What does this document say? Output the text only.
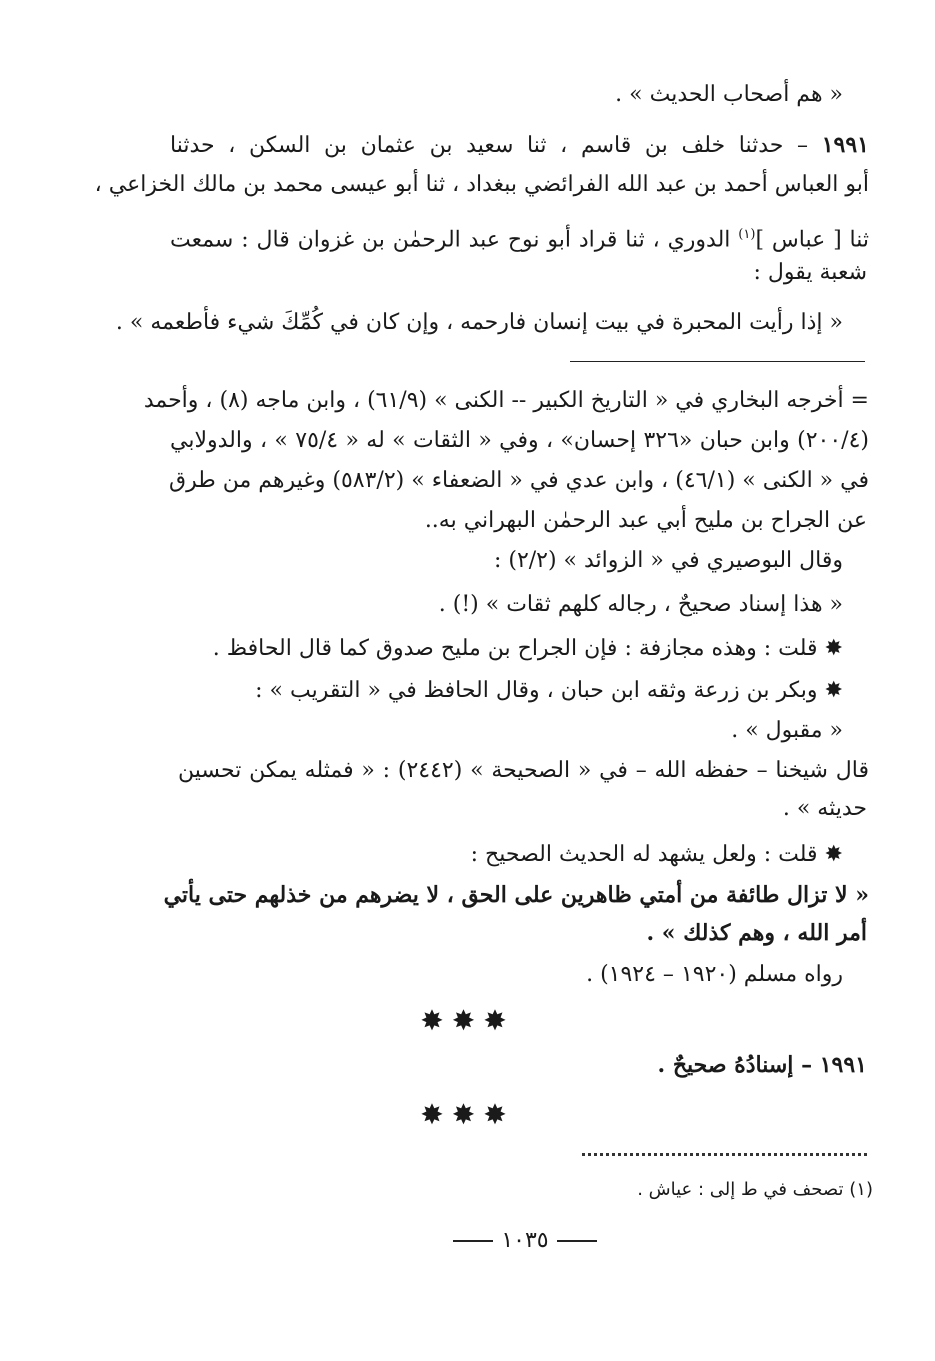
« هم أصحاب الحديث » .
١٩٩١ – حدثنا خلف بن قاسم ، ثنا سعيد بن عثمان بن السكن ، حدثنا
أبو العباس أحمد بن عبد الله الفرائضي ببغداد ، ثنا أبو عيسى محمد بن مالك الخزاعي ،
ثنا [ عباس ]$^{(١)}$ الدوري ، ثنا قراد أبو نوح عبد الرحمٰن بن غزوان قال : سمعت
شعبة يقول :
« إذا رأيت المحبرة في بيت إنسان فارحمه ، وإن كان في كُمِّكَ شيء فأطعمه » .
= أخرجه البخاري في « التاريخ الكبير -- الكنى » (٦١/٩) ، وابن ماجه (٨) ، وأحمد
(٢٠٠/٤) وابن حبان «٣٢٦ إحسان» ، وفي « الثقات » له « ٧٥/٤ » ، والدولابي
في « الكنى » (٤٦/١) ، وابن عدي في « الضعفاء » (٥٨٣/٢) وغيرهم من طرق
عن الجراح بن مليح أبي عبد الرحمٰن البهراني به..
وقال البوصيري في « الزوائد » (٢/٢) :
« هذا إسناد صحيحٌ ، رجاله كلهم ثقات » (!) .
✸ قلت : وهذه مجازفة : فإن الجراح بن مليح صدوق كما قال الحافظ .
✸ وبكر بن زرعة وثقه ابن حبان ، وقال الحافظ في « التقريب » :
« مقبول » .
قال شيخنا – حفظه الله – في « الصحيحة » (٢٤٤٢) : « فمثله يمكن تحسين
حديثه » .
✸ قلت : ولعل يشهد له الحديث الصحيح :
« لا تزال طائفة من أمتي ظاهرين على الحق ، لا يضرهم من خذلهم حتى يأتي
أمر الله ، وهم كذلك » .
رواه مسلم (١٩٢٠ – ١٩٢٤) .
✸✸✸
١٩٩١ – إسنادُهُ صحيحٌ .
✸✸✸
(١) تصحف في ط إلى : عياش .
١٠٣٥
